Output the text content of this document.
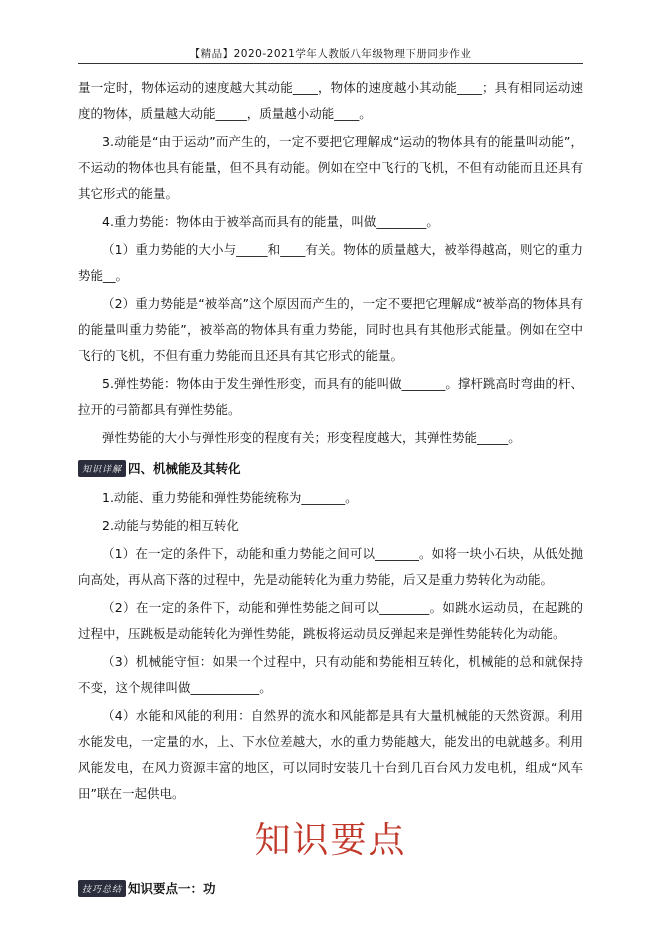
【精品】2020-2021学年人教版八年级物理下册同步作业

量一定时，物体运动的速度越大其动能____，物体的速度越小其动能____；具有相同运动速度的物体，质量越大动能_____，质量越小动能____。

3.动能是“由于运动”而产生的，一定不要把它理解成“运动的物体具有的能量叫动能”，不运动的物体也具有能量，但不具有动能。例如在空中飞行的飞机，不但有动能而且还具有其它形式的能量。

4.重力势能：物体由于被举高而具有的能量，叫做________。

（1）重力势能的大小与_____和____有关。物体的质量越大，被举得越高，则它的重力势能__。

（2）重力势能是“被举高”这个原因而产生的，一定不要把它理解成“被举高的物体具有的能量叫重力势能”，被举高的物体具有重力势能，同时也具有其他形式能量。例如在空中飞行的飞机，不但有重力势能而且还具有其它形式的能量。

5.弹性势能：物体由于发生弹性形变，而具有的能叫做_______。撑杆跳高时弯曲的杆、拉开的弓箭都具有弹性势能。

弹性势能的大小与弹性形变的程度有关；形变程度越大，其弹性势能_____。

知识详解 四、机械能及其转化

1.动能、重力势能和弹性势能统称为_______。

2.动能与势能的相互转化

（1）在一定的条件下，动能和重力势能之间可以_______。如将一块小石块，从低处抛向高处，再从高下落的过程中，先是动能转化为重力势能，后又是重力势转化为动能。

（2）在一定的条件下，动能和弹性势能之间可以________。如跳水运动员，在起跳的过程中，压跳板是动能转化为弹性势能，跳板将运动员反弹起来是弹性势能转化为动能。

（3）机械能守恒：如果一个过程中，只有动能和势能相互转化，机械能的总和就保持不变，这个规律叫做___________。

（4）水能和风能的利用：自然界的流水和风能都是具有大量机械能的天然资源。利用水能发电，一定量的水，上、下水位差越大，水的重力势能越大，能发出的电就越多。利用风能发电，在风力资源丰富的地区，可以同时安装几十台到几百台风力发电机，组成“风车田”联在一起供电。

知识要点
技巧总结 知识要点一：功
